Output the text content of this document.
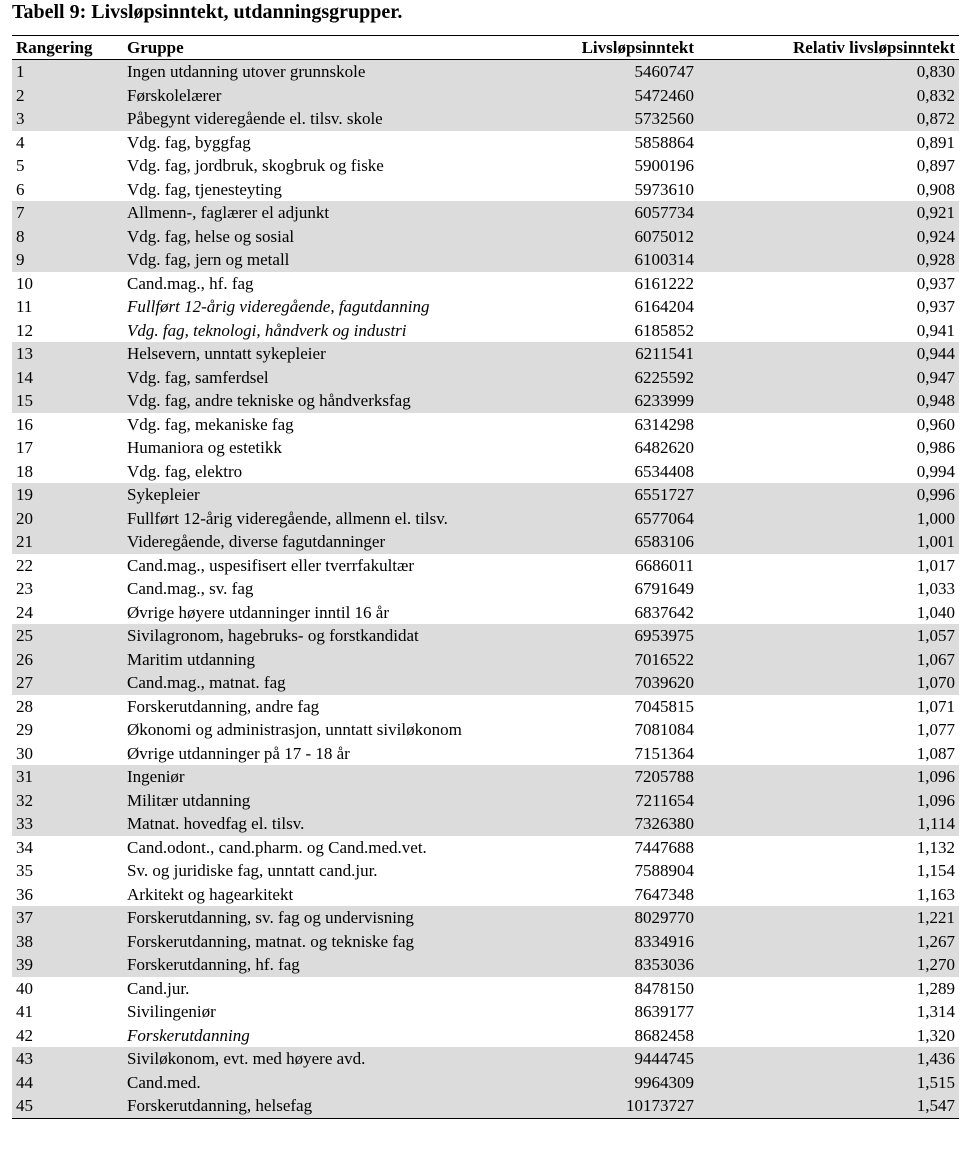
Tabell 9: Livsløpsinntekt, utdanningsgrupper.
Rangering	Gruppe	Livsløpsinntekt	Relativ livsløpsinntekt
1	Ingen utdanning utover grunnskole	5460747	0,830
2	Førskolelærer	5472460	0,832
3	Påbegynt videregående el. tilsv. skole	5732560	0,872
4	Vdg. fag, byggfag	5858864	0,891
5	Vdg. fag, jordbruk, skogbruk og fiske	5900196	0,897
6	Vdg. fag, tjenesteyting	5973610	0,908
7	Allmenn-, faglærer el adjunkt	6057734	0,921
8	Vdg. fag, helse og sosial	6075012	0,924
9	Vdg. fag, jern og metall	6100314	0,928
10	Cand.mag., hf. fag	6161222	0,937
11	Fullført 12-årig videregående, fagutdanning	6164204	0,937
12	Vdg. fag, teknologi, håndverk og industri	6185852	0,941
13	Helsevern, unntatt sykepleier	6211541	0,944
14	Vdg. fag, samferdsel	6225592	0,947
15	Vdg. fag, andre tekniske og håndverksfag	6233999	0,948
16	Vdg. fag, mekaniske fag	6314298	0,960
17	Humaniora og estetikk	6482620	0,986
18	Vdg. fag, elektro	6534408	0,994
19	Sykepleier	6551727	0,996
20	Fullført 12-årig videregående, allmenn el. tilsv.	6577064	1,000
21	Videregående, diverse fagutdanninger	6583106	1,001
22	Cand.mag., uspesifisert eller tverrfakultær	6686011	1,017
23	Cand.mag., sv. fag	6791649	1,033
24	Øvrige høyere utdanninger inntil 16 år	6837642	1,040
25	Sivilagronom, hagebruks- og forstkandidat	6953975	1,057
26	Maritim utdanning	7016522	1,067
27	Cand.mag., matnat. fag	7039620	1,070
28	Forskerutdanning, andre fag	7045815	1,071
29	Økonomi og administrasjon, unntatt siviløkonom	7081084	1,077
30	Øvrige utdanninger på 17 - 18 år	7151364	1,087
31	Ingeniør	7205788	1,096
32	Militær utdanning	7211654	1,096
33	Matnat. hovedfag el. tilsv.	7326380	1,114
34	Cand.odont., cand.pharm. og Cand.med.vet.	7447688	1,132
35	Sv. og juridiske fag, unntatt cand.jur.	7588904	1,154
36	Arkitekt og hagearkitekt	7647348	1,163
37	Forskerutdanning, sv. fag og undervisning	8029770	1,221
38	Forskerutdanning, matnat. og tekniske fag	8334916	1,267
39	Forskerutdanning, hf. fag	8353036	1,270
40	Cand.jur.	8478150	1,289
41	Sivilingeniør	8639177	1,314
42	Forskerutdanning	8682458	1,320
43	Siviløkonom, evt. med høyere avd.	9444745	1,436
44	Cand.med.	9964309	1,515
45	Forskerutdanning, helsefag	10173727	1,547
